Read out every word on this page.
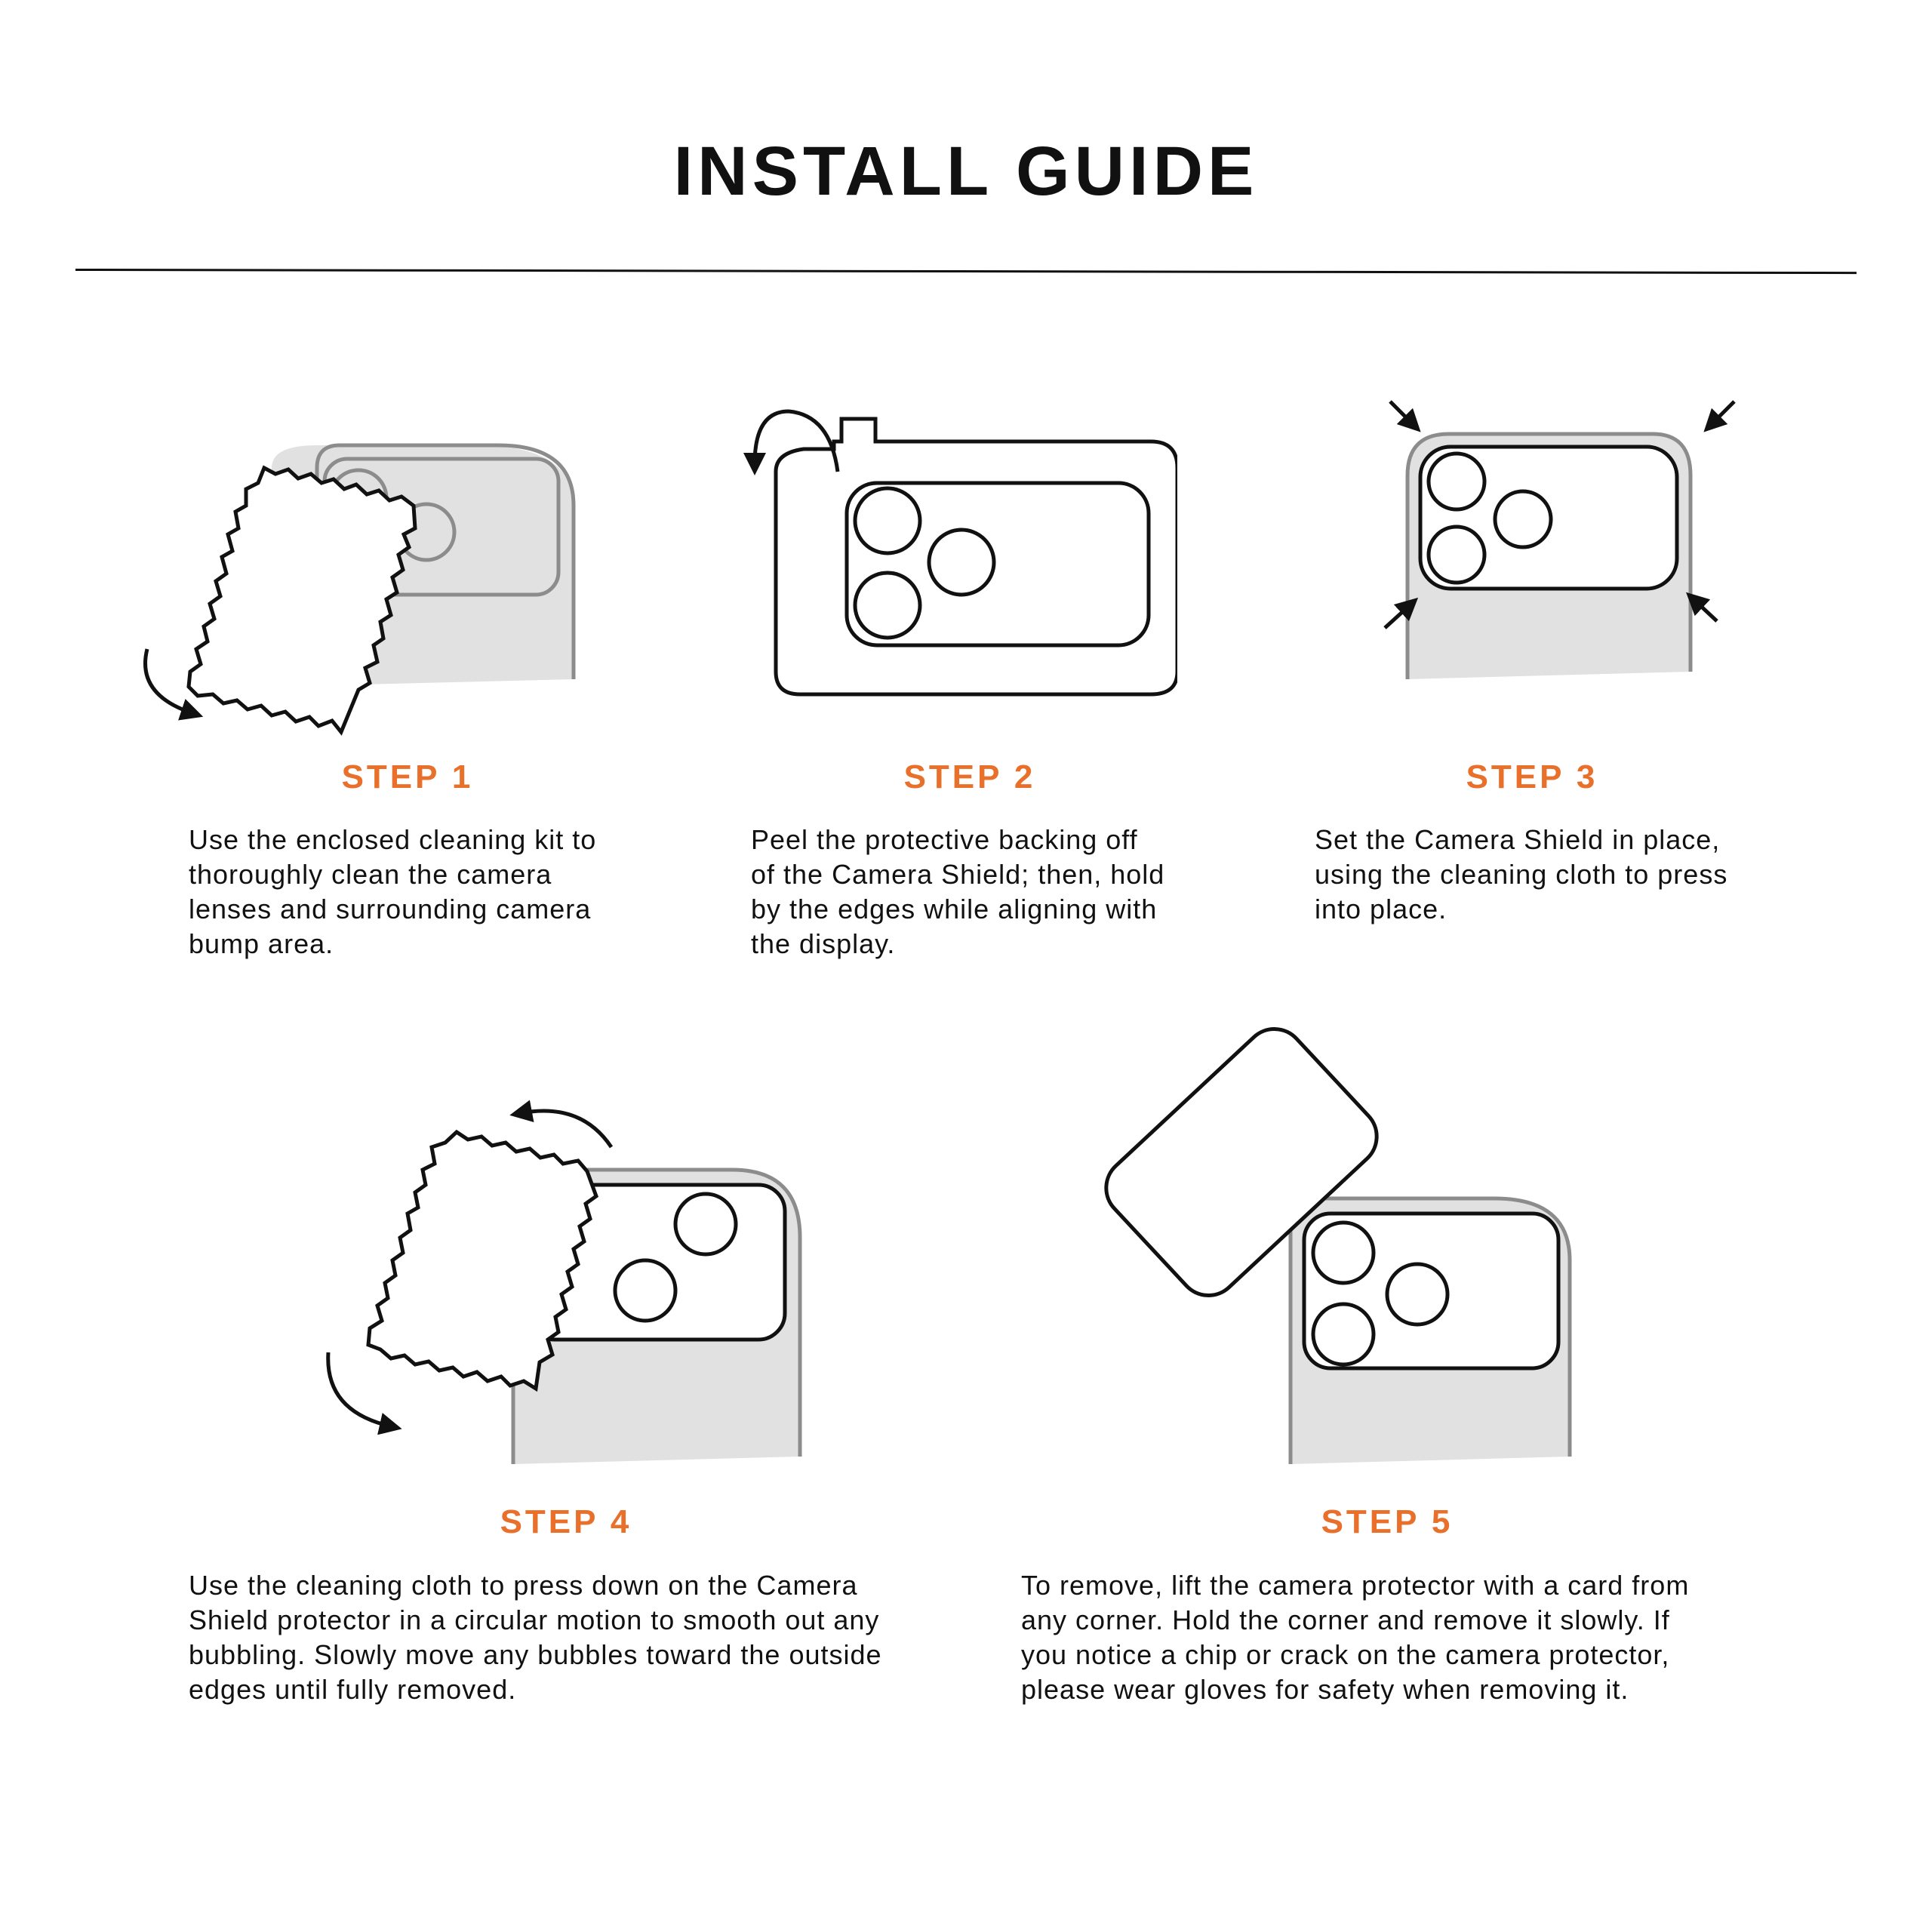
INSTALL GUIDE
STEP 1

Use the enclosed cleaning kit to
thoroughly clean the camera
lenses and surrounding camera
bump area.

STEP 2

Peel the protective backing off
of the Camera Shield; then, hold
by the edges while aligning with
the display.

STEP 3

Set the Camera Shield in place,
using the cleaning cloth to press
into place.

STEP 4

Use the cleaning cloth to press down on the Camera
Shield protector in a circular motion to smooth out any
bubbling. Slowly move any bubbles toward the outside
edges until fully removed.

STEP 5

To remove, lift the camera protector with a card from
any corner. Hold the corner and remove it slowly. If
you notice a chip or crack on the camera protector,
please wear gloves for safety when removing it.
